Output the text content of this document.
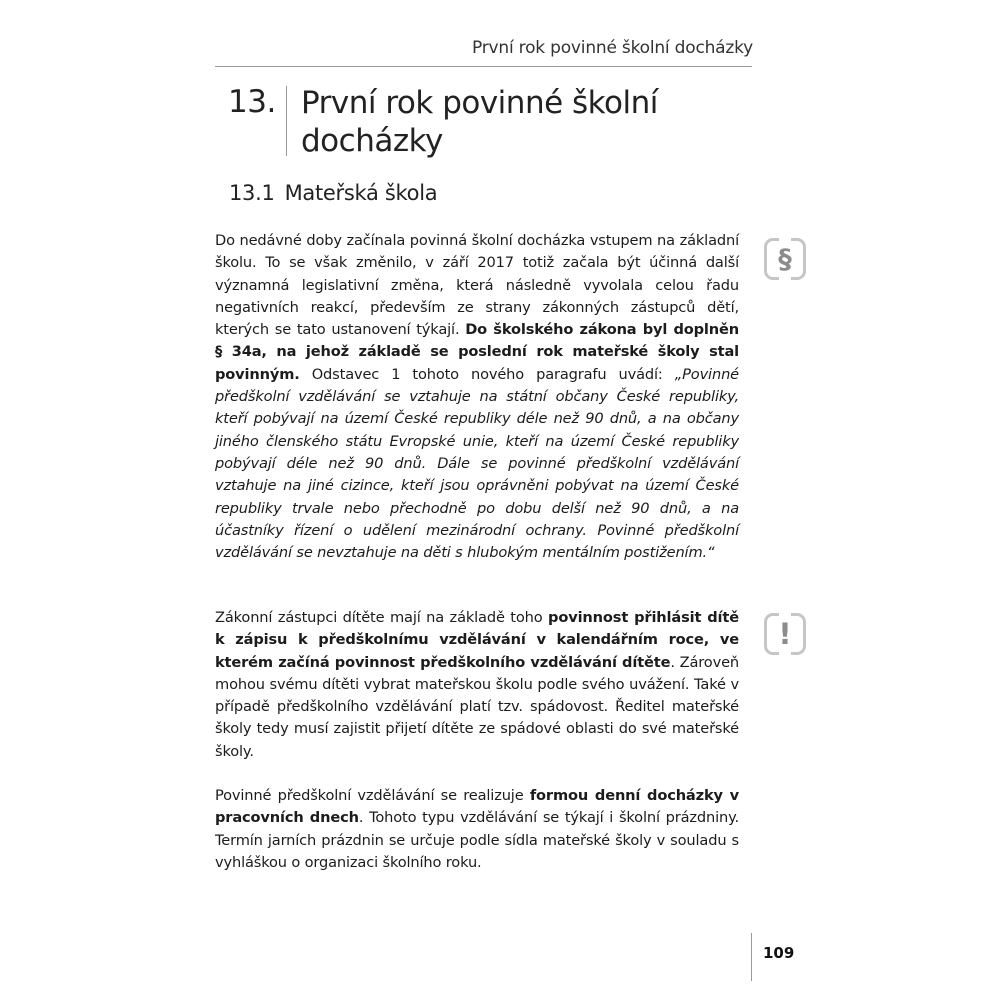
První rok povinné školní docházky
13. První rok povinné školní
docházky
13.1 Mateřská škola
Do nedávné doby začínala povinná školní docházka vstupem na základní školu. To se však změnilo, v září 2017 totiž začala být účinná další významná legislativní změna, která následně vyvolala celou řadu negativních reakcí, především ze strany zákonných zástupců dětí, kterých se tato ustanovení týkají. Do školského zákona byl doplněn § 34a, na jehož základě se poslední rok mateřské školy stal povinným. Odstavec 1 tohoto nového paragrafu uvádí: „Povinné předškolní vzdělávání se vztahuje na státní občany České republiky, kteří pobývají na území České republiky déle než 90 dnů, a na občany jiného členského státu Evropské unie, kteří na území České republiky pobývají déle než 90 dnů. Dále se povinné předškolní vzdělávání vztahuje na jiné cizince, kteří jsou oprávněni pobývat na území České republiky trvale nebo přechodně po dobu delší než 90 dnů, a na účastníky řízení o udělení mezinárodní ochrany. Povinné předškolní vzdělávání se nevztahuje na děti s hlubokým mentálním postižením.“
§
Zákonní zástupci dítěte mají na základě toho povinnost přihlásit dítě k zápisu k předškolnímu vzdělávání v kalendářním roce, ve kterém začíná povinnost předškolního vzdělávání dítěte. Zároveň mohou svému dítěti vybrat mateřskou školu podle svého uvážení. Také v případě předškolního vzdělávání platí tzv. spádovost. Ředitel mateřské školy tedy musí zajistit přijetí dítěte ze spádové oblasti do své mateřské školy.
!
Povinné předškolní vzdělávání se realizuje formou denní docházky v pracovních dnech. Tohoto typu vzdělávání se týkají i školní prázdniny. Termín jarních prázdnin se určuje podle sídla mateřské školy v souladu s vyhláškou o organizaci školního roku.
109
